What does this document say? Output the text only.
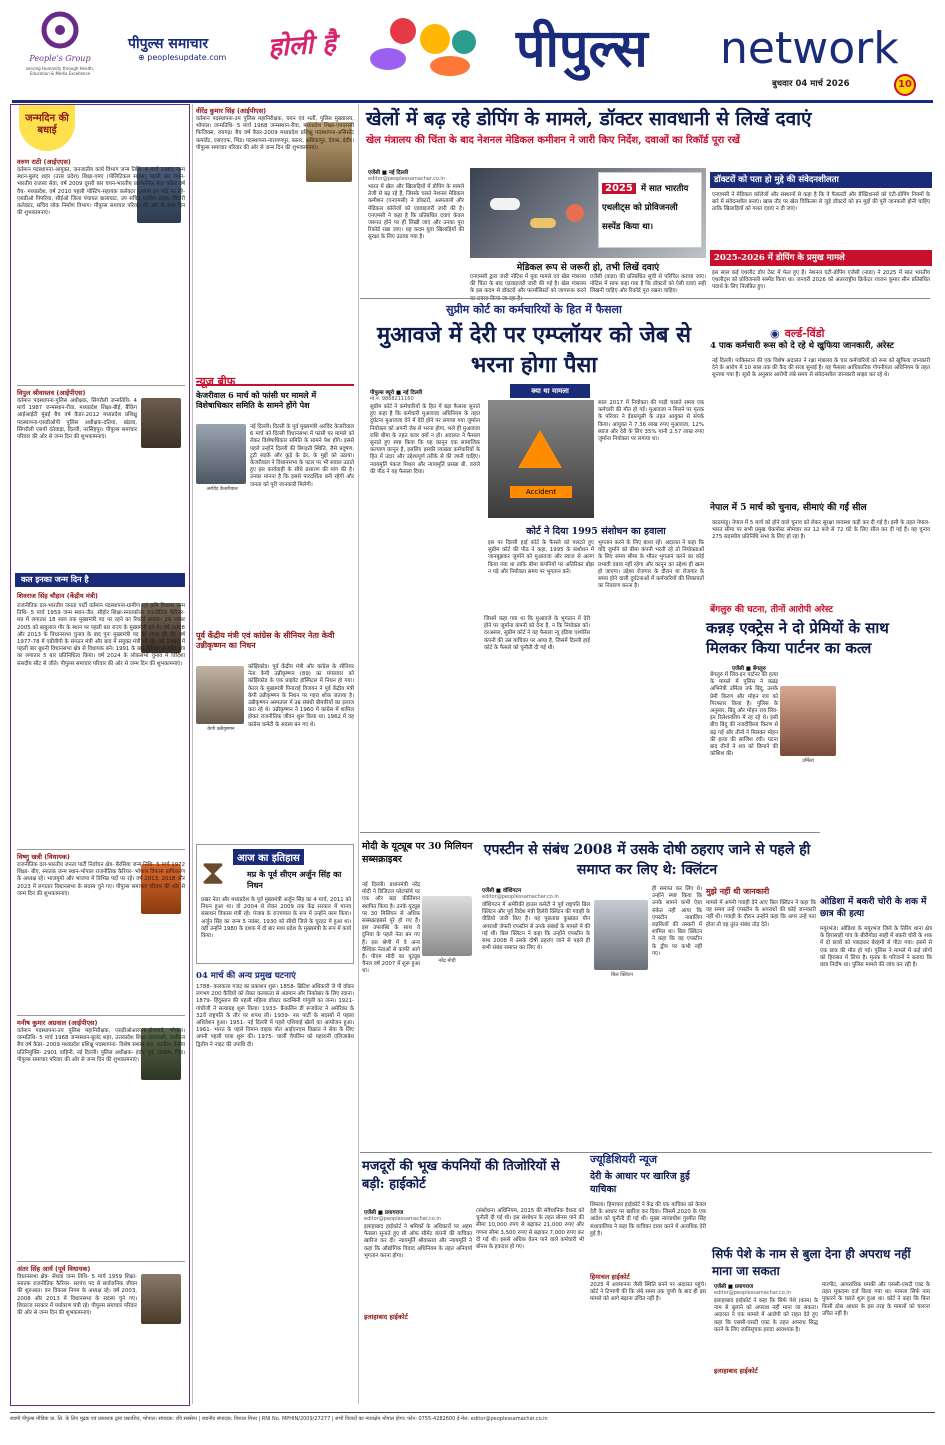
People's Group
serving Humanity through Health, Education & Media Excellence
पीपुल्स समाचार
⊕ peoplesupdate.com होली है	पीपुल्स network
बुधवार 04 मार्च 2026	10
जन्मदिन की बधाई
वरुण राठी (आईएएस)
वर्तमान पदस्थापना-आयुक्त, जनजातीय कार्य विभाग जन्म तिथि- 4 मार्च 1985 जन्म स्थान-बुलंद शहर (उत्तर प्रदेश) शिक्षा-एमए (पोलिटिकल साइंस) पहली बार चयन-भारतीय राजस्व सेवा, वर्ष 2009 दूसरी बार चयन-भारतीय प्रशासनिक सेवा कॉडर वर्ष वैच- मध्यप्रदेश, वर्ष 2010 पहली पोस्टिंग-सहायक कलेक्टर रतलाम इन पदों पर रहे- एसडीओ पिपरिया, सीईओ जिला पंचायत बालाघाट, उप सचिव ग्रामीण सड़क, डिंडोरी कलेक्टर, सचिव लोक निर्माण विभाग। पीपुल्स समाचार परिवार की ओर से जन्म दिन की शुभकामनाएं।
विपुल श्रीवास्तव (आईपीएस)
वर्तमान पदस्थापना-पुलिस अधीक्षक, सिंगरौली जन्मतिथि- 4 मार्च 1987 जन्मस्थान-रीवा, मध्यप्रदेश शिक्षा-बीई, बैंकिंग आईआईटी मुंबई बैच वर्ष कैडर-2012 मध्यप्रदेश प्रशिक्षु पदस्थापना-एसडीओपी पुलिस अधीक्षक-दतिया, खंडवा, सिंगरौली एसपी दंतेवाड़ा, दिल्ली, नरसिंहपुर। पीपुल्स समाचार परिवार की ओर से जन्म दिन की शुभकामनाएं।
कल इनका जन्म दिन है
शिवराज सिंह चौहान (केंद्रीय मंत्री)
राजनीतिक दल-भारतीय जनता पार्टी वर्तमान पदस्थापना-ग्रामीण एवं कृषि विकास जन्म तिथि- 5 मार्च 1959 जन्म स्थान-जैत, सीहोर शिक्षा-स्नातकोत्तर राजनीतिक कैरियर- मप्र में लगातार 18 साल तक मुख्यमंत्री पद पर रहने का रिकॉर्ड बनाया। 29 नवंबर 2005 को बाबूलाल गौर के स्थान पर पहली बार राज्य के मुख्यमंत्री बने थे। वर्ष 2008 और 2013 के विधानसभा चुनाव के बाद पुनः मुख्यमंत्री पद की शपथ ली थी। वर्ष 1977-78 में एबीवीपी के संगठन मंत्री और बाद में संयुक्त मंत्री भी रहे। वर्ष 1990 में पहली बार बुधनी विधानसभा क्षेत्र से विधायक बने। 1991 के बाद विदिशा संसदीय क्षेत्र का लगातार 5 बार प्रतिनिधित्व किया। वर्ष 2024 के लोकसभा चुनाव में विदिशा संसदीय सीट से जीते। पीपुल्स समाचार परिवार की ओर से जन्म दिन की शुभकामनाएं।
विष्णु खत्री (विधायक)
राजनीतिक दल-भारतीय जनता पार्टी निर्वाचन क्षेत्र- बैरसिया जन्म तिथि- 5 मार्च 1972 शिक्षा- बीए, स्नातक जन्म स्थान-भोपाल राजनीतिक कैरियर- भोपाल विकास प्राधिकरण के अध्यक्ष रहे। भाजयुमो और भाजपा में विभिन्न पदों पर रहे। वर्ष 2013, 2018 और 2023 में लगातार विधानसभा के सदस्य चुने गए। पीपुल्स समाचार परिवार की ओर से जन्म दिन की शुभकामनाएं।
मनीष कुमार अग्रवाल (आईपीएस)
वर्तमान पदस्थापना-उप पुलिस महानिरीक्षक, एसडीओआरएफ-होमगार्ड, भोपाल। जन्मतिथि- 5 मार्च 1968 जन्मस्थान-बुलंद शहर, उत्तरप्रदेश शिक्षा-एमएससी, एमफिल बैच वर्ष कैडर- 2009 मध्यप्रदेश प्रशिक्षु पदस्थापना- विशेष सशस्त्र बल, उज्जैन। केंद्रीय प्रतिनियुक्ति- 2901 वाहिनी, नई दिल्ली। पुलिस अधीक्षक- इंदौर पूर्व, रतलाम, भिंड। पीपुल्स समाचार परिवार की ओर से जन्म दिन की शुभकामनाएं।
अंतर सिंह आर्य (पूर्व विधायक)
विधानसभा क्षेत्र- सेंधवा जन्म तिथि- 5 मार्च 1959 शिक्षा-स्नातक राजनीतिक कैरियर- सरपंच पद से सार्वजनिक जीवन की शुरुआत। वन विकास निगम के अध्यक्ष रहे। वर्ष 2003, 2008 और 2013 में विधानसभा के सदस्य चुने गए। शिवराज सरकार में पर्यावरण मंत्री रहे। पीपुल्स समाचार परिवार की ओर से जन्म दिन की शुभकामनाएं।
वीरेंद्र कुमार सिंह (आईपीएस)
वर्तमान पदस्थापना-उप पुलिस महानिरीक्षक, चयन एवं भर्ती, पुलिस मुख्यालय, भोपाल। जन्मतिथि- 5 मार्च 1968 जन्मस्थान-रीवा, मध्यप्रदेश शिक्षा-एमएससी फिजिक्स, रायगढ़। बैच वर्ष कैडर-2009 मध्यप्रदेश प्रशिक्षु पदस्थापना-असिस्टेंट कमांडेंट, एसएएफ, भिंड। पदस्थापना-नारायणपुर, बस्तर, अंबिकापुर, देवास, इंदौर। पीपुल्स समाचार परिवार की ओर से जन्म दिन की शुभकामनाएं।
न्यूज ब्रीफ
केजरीवाल 6 मार्च को फांसी घर मामले में विशेषाधिकार समिति के सामने होंगे पेश
अरविंद केजरीवाल
नई दिल्ली। दिल्ली के पूर्व मुख्यमंत्री अरविंद केजरीवाल 6 मार्च को दिल्ली विधानसभा में फांसी घर मामले को लेकर विशेषाधिकार समिति के सामने पेश होंगे। इससे पहले उन्होंने दिल्ली की बिगड़ती स्थिति, जैसे प्रदूषण, टूटी सड़कें और कूड़े के ढेर, के मुद्दों को उठाया। केजरीवाल ने विधानसभा के पटल पर भी सवाल उठाते हुए इस कार्यवाही के सीधे प्रसारण की मांग की है। उनका मानना है कि इससे पारदर्शिता बनी रहेगी और जनता को पूरी जानकारी मिलेगी।
पूर्व केंद्रीय मंत्री एवं कांग्रेस के सीनियर नेता केवी उन्नीकृष्णन का निधन
केपी उन्नीकृष्णन
कोझिकोड। पूर्व केंद्रीय मंत्री और कांग्रेस के सीनियर नेता केपी उन्नीकृष्णन (89) का मंगलवार को कोझिकोड के एक प्राइवेट हॉस्पिटल में निधन हो गया। केरल के मुख्यमंत्री पिनाराई विजयन ने पूर्व केंद्रीय मंत्री केपी उन्नीकृष्णन के निधन पर गहरा शोक जताया है। उन्नीकृष्णन अस्पताल में उम्र संबंधी बीमारियों का इलाज करा रहे थे। उन्नीकृष्णन ने 1960 में कांग्रेस में शामिल होकर राजनीतिक जीवन शुरू किया था। 1962 में वह कांग्रेस कमेटी के सदस्य बन गए थे।
⧗	आज का इतिहास
मप्र के पूर्व सीएम अर्जुन सिंह का निधन
प्रखर नेता और मध्यप्रदेश के पूर्व मुख्यमंत्री अर्जुन सिंह का 4 मार्च, 2011 को निधन हुआ था। वो 2004 से लेकर 2009 तक केंद्र सरकार में मानव संसाधन विकास मंत्री रहे। पंजाब के राज्यपाल के रूप में उन्होंने काम किया। अर्जुन सिंह का जन्म 5 नवंबर, 1930 को सीधी जिले के चुरहट में हुआ था। वहीं उन्होंने 1980 के दशक में दो बार मध्य प्रदेश के मुख्यमंत्री के रूप में कार्य किया।
04 मार्च की अन्य प्रमुख घटनाएं
1788- कलकत्ता गजट का प्रकाशन शुरू। 1858- ब्रिटिश अधिकारी जे पी वॉकर लगभग 200 कैदियों को लेकर कलकत्ता से अंडमान और निकोबार के लिए रवाना। 1879- हिंदुस्तान की पहली महिला डॉक्टर कदम्बिनी गांगुली का जन्म। 1921- गांधीजी ने सत्याग्रह शुरू किया। 1933- फ्रैंकलिन डी रूजवेल्ट ने अमेरिका के 32वें राष्ट्रपति के तौर पर शपथ ली। 1939- नार पार्टी के सदस्यों में पहला अधिवेशन हुआ। 1951- नई दिल्ली में पहले एशियाई खेलों का आयोजन हुआ। 1961- भारत के पहले विमान वाहक पोत आईएनएस विक्रांत ने सेवा के लिए अपनी पहली यात्रा शुरू की। 1975- चार्ली चैपलिन को महारानी एलिजाबेथ द्वितीय ने नाइट की उपाधि दी।
खेलों में बढ़ रहे डोपिंग के मामले, डॉक्टर सावधानी से लिखें दवाएं
खेल मंत्रालय की चिंता के बाद नेशनल मेडिकल कमीशन ने जारी किए निर्देश, दवाओं का रिकॉर्ड पूरा रखें
एजेंसी ■ नई दिल्ली
editor@peoplessamachar.co.in
भारत में खेल और खिलाड़ियों में डोपिंग के मामले तेजी से बढ़ रहे हैं, जिसके चलते नेशनल मेडिकल कमीशन (एनएमसी) ने डॉक्टरों, अस्पतालों और मेडिकल कॉलेजों को एडवाइजरी जारी की है। एनएमसी ने कहा है कि प्रतिबंधित दवाएं केवल जरूरत होने पर ही लिखी जाएं और उनका पूरा रिकॉर्ड रखा जाए। यह कदम युवा खिलाड़ियों की सुरक्षा के लिए उठाया गया है।
2025 में सात भारतीय एथलीट्स को प्रोविजनली सस्पेंड किया था।
मेडिकल रूप से जरूरी हो, तभी लिखें दवाएं
एनएमसी द्वारा जारी नोटिस में युवा मामले एवं खेल मंत्रालय की चिंता के बाद एडवाइजरी जारी की गई है। खेल मंत्रालय के इस कदम से डॉक्टरों और फार्मासिस्टों को जागरूक करने
एजेंसी (वाडा) की प्रतिबंधित सूची से परिचित कराया जाए। नोटिस में साफ कहा गया है कि डॉक्टरों को ऐसी दवाएं सही लिखनी चाहिए और रिकॉर्ड पूरा रखना चाहिए।
डॉक्टरों को पता हो मुद्दे की संवेदनशीलता
एनएमसी ने मेडिकल कॉलेजों और संस्थानों से कहा है कि वे फैकल्टी और प्रैक्टिशनर्स को एंटी-डोपिंग नियमों के बारे में संवेदनशील बनाएं। खास तौर पर खेल चिकित्सा से जुड़े डॉक्टरों को इन मुद्दों की पूरी जानकारी होनी चाहिए ताकि खिलाड़ियों को गलत दवाएं न दी जाएं।
2025-2026 में डोपिंग के प्रमुख मामले
इस साल कई एथलीट डोप टेस्ट में फेल हुए हैं। नेशनल एंटी-डोपिंग एजेंसी (नाडा) ने 2025 में सात भारतीय एथलीट्स को प्रोविजनली सस्पेंड किया था। जनवरी 2026 को अंतरराष्ट्रीय क्रिकेटर रवजन कुमार सीन प्रतिबंधित पदार्थ के लिए निलंबित हुए।
◉ वर्ल्ड-विंडो
4 पाक कर्मचारी रूस को दे रहे थे खुफिया जानकारी, अरेस्ट
नई दिल्ली। पाकिस्तान की एक विशेष अदालत ने रक्षा मंत्रालय के चार कर्मचारियों को रूस को खुफिया जानकारी देने के आरोप में 10 साल तक की कैद की सजा सुनाई है। यह फैसला आधिकारिक गोपनीयता अधिनियम के तहत सुनाया गया है। सूत्रों के अनुसार आरोपी लंबे समय से संवेदनशील जानकारी साझा कर रहे थे।
नेपाल में 5 मार्च को चुनाव, सीमाएं की गईं सील
काठमांडू। नेपाल में 5 मार्च को होने वाले चुनाव को लेकर सुरक्षा व्यवस्था कड़ी कर दी गई है। इसी के तहत नेपाल-भारत सीमा पर सभी प्रमुख चेकपोस्ट सोमवार रात 12 बजे से 72 घंटे के लिए सील कर दी गई हैं। यह चुनाव 275 सदस्यीय प्रतिनिधि सभा के लिए हो रहा है।
बेंगलुरु की घटना, तीनों आरोपी अरेस्ट
कन्नड़ एक्ट्रेस ने दो प्रेमियों के साथ मिलकर किया पार्टनर का कत्ल
एजेंसी ■ बेंगलुरु
उर्मिला
बेंगलुरु में लिव-इन पार्टनर की हत्या के मामले में पुलिस ने कन्नड़ अभिनेत्री उर्मिला उर्फ बिंदु, उसके प्रेमी किरण और मोहन राय को गिरफ्तार किया है। पुलिस के अनुसार, बिंदु और मोहन राय लिव-इन रिलेशनशिप में रह रहे थे। इसी बीच बिंदु की नजदीकियां किरण से बढ़ गईं और तीनों ने मिलकर मोहन की हत्या की साजिश रची। घटना बाद तीनों ने शव को छिपाने की कोशिश की।
ओडिशा में बकरी चोरी के शक में छात्र की हत्या
मयूरभंज। ओडिशा के मयूरभंज जिले के तिरिंग थाना क्षेत्र के हिरासाही गांव के बीरीगोडा साही में बकरी चोरी के शक में दो छात्रों को पकड़कर बेरहमी से पीटा गया। इसमें से एक छात्र की मौत हो गई। पुलिस ने मामले में कई लोगों को हिरासत में लिया है। मृतक के परिजनों ने बताया कि छात्र निर्दोष था। पुलिस मामले की जांच कर रही है।
सुप्रीम कोर्ट का कर्मचारियों के हित में फैसला
मुआवजे में देरी पर एम्प्लॉयर को जेब से भरना होगा पैसा
पीपुल्स ब्यूरो ■ नई दिल्ली
मो.नं. 9868211160
सुप्रीम कोर्ट ने कर्मचारियों के हित में बड़ा फैसला सुनाते हुए कहा है कि कर्मचारी मुआवजा अधिनियम के तहत दुर्घटना मुआवजा देने में देरी होने पर लगाया गया जुर्माना नियोक्ता को अपनी जेब से भरना होगा, भले ही मुआवजा राशि बीमा के तहत कवर क्यों न हो। अदालत ने फैसला सुनाते हुए स्पष्ट किया कि यह कानून एक सामाजिक कल्याण कानून है, इसलिए इसकी व्याख्या कर्मचारियों के हित में उदार और उद्देश्यपूर्ण तरीके से की जानी चाहिए। न्यायमूर्ति पंकज मिथल और न्यायमूर्ति प्रसन्ना बी. वराले की पीठ ने यह फैसला दिया।
क्या था मामला
Accident
साल 2017 में नियोक्ता की गाड़ी चलाते समय एक कर्मचारी की मौत हो गई। मुआवजा न मिलने पर मृतक के परिवार ने ईडब्ल्यूसी के तहत आयुक्त से संपर्क किया। आयुक्त ने 7.36 लाख रुपए मुआवजा, 12% ब्याज और देरी के लिए 35% यानी 2.57 लाख रुपए जुर्माना नियोक्ता पर लगाया था।
कोर्ट ने दिया 1995 संशोधन का हवाला
इस पर दिल्ली हाई कोर्ट के फैसले को पलटते हुए सुप्रीम कोर्ट की पीठ ने कहा, 1995 के संशोधन में जानबूझकर जुर्माने को मुआवजा और ब्याज से अलग किया गया था ताकि बीमा कंपनियों पर अतिरिक्त बोझ न पड़े और नियोक्ता समय पर भुगतान करें।
भुगतान करने के लिए बाध्य रहें। अदालत ने कहा कि यदि जुर्माने को बीमा कंपनी भरती रहे तो नियोक्ताओं के लिए समय सीमा के भीतर भुगतान करने का कोई प्रभावी दबाव नहीं रहेगा और कानून का उद्देश्य ही खत्म हो जाएगा। उद्देश्य रोजगार के दौरान या रोजगार के समय होने वाली दुर्घटनाओं में कर्मचारियों की शिकायतों का निवारण करना है।
जिसमें कहा गया था कि मुआवजे के भुगतान में देरी होने पर जुर्माना कंपनी को देना है, न कि नियोक्ता को। दरअसल, सुप्रीम कोर्ट ने यह फैसला न्यू इंडिया एश्योरेंस कंपनी की उस याचिका पर आया है, जिसमें दिल्ली हाई कोर्ट के फैसले को चुनौती दी गई थी।
मोदी के यूट्यूब पर 30 मिलियन सब्सक्राइबर
नरेंद्र मोदी
नई दिल्ली। प्रधानमंत्री नरेंद्र मोदी ने डिजिटल प्लेटफॉर्म पर एक और बड़ा कीर्तिमान स्थापित किया है। उनके यूट्यूब पर 30 मिलियन से अधिक सब्सक्राइबर्स पूरे हो गए हैं। इस उपलब्धि के साथ वे दुनिया के पहले नेता बन गए हैं। इस श्रेणी में वे अन्य वैश्विक नेताओं से काफी आगे हैं। पीएम मोदी का यूट्यूब चैनल वर्ष 2007 में शुरू हुआ था।
एपस्टीन से संबंध 2008 में उसके दोषी ठहराए जाने से पहले ही समाप्त कर लिए थे: क्लिंटन
एजेंसी ■ वॉशिंगटन
editor@peoplessamachar.co.in
वॉशिंगटन में अमेरिकी हाउस कमेटी ने पूर्व राष्ट्रपति बिल क्लिंटन और पूर्व विदेश मंत्री हिलेरी क्लिंटन की गवाही के वीडियो जारी किए हैं। यह पूछताछ कुख्यात यौन अपराधी जेफरी एपस्टीन से उनके संबंधों के मामले में की गई थी। बिल क्लिंटन ने कहा कि उन्होंने एपस्टीन के साथ 2008 में उसके दोषी ठहराए जाने से पहले ही सभी संबंध समाप्त कर लिए थे।
बिल क्लिंटन
ही समाप्त कर लिए थे। उन्होंने स्पष्ट किया कि उनके सामने कभी ऐसा संकेत नहीं आया कि एपस्टीन नाबालिग लड़कियों की तस्करी में शामिल था। बिल क्लिंटन ने कहा कि वह एपस्टीन के द्वीप पर कभी नहीं गए।
मुझे नहीं थी जानकारी
मामले में अपनी गवाही देने आए बिल क्लिंटन ने कहा कि वह समय उन्हें एपस्टीन के अपराधों की कोई जानकारी नहीं थी। गवाही के दौरान उन्होंने कहा कि अगर उन्हें पता होता तो वह तुरंत संबंध तोड़ देते।
ज्यूडिशियरी न्यूज
देरी के आधार पर खारिज हुई याचिका
शिमला। हिमाचल हाईकोर्ट ने केंद्र की एक याचिका को केवल देरी के आधार पर खारिज कर दिया। जिसमें 2020 के एक आदेश को चुनौती दी गई थी। मुख्य न्यायाधीश गुरमीत सिंह संधावालिया ने कहा कि याचिका दायर करने में अत्यधिक देरी हुई है।
हिमाचल हाईकोर्ट
2025 में अवमानना जैसी स्थिति बनने पर अदालत पहुंचे। कोर्ट ने टिप्पणी की कि लंबे समय तक चुप्पी के बाद ही इस मामले को आगे बढ़ाना उचित नहीं है।
मजदूरों की भूख कंपनियों की तिजोरियों से बड़ी: हाईकोर्ट
एजेंसी ■ प्रयागराज
editor@peoplessamachar.co.in
इलाहाबाद हाईकोर्ट ने श्रमिकों के अधिकारों पर अहम फैसला सुनाते हुए सी ऑफ सीमेंट कंपनी की याचिका खारिज कर दी। न्यायमूर्ति श्रीवास्तव और न्यायमूर्ति ने कहा कि औद्योगिक विवाद अधिनियम के तहत अनिवार्य भुगतान करना होगा।
इलाहाबाद हाईकोर्ट
(संशोधन) अधिनियम, 2015 की संवैधानिक वैधता को चुनौती दी गई थी। इस संशोधन के तहत बोनस पाने की सीमा 10,000 रुपए से बढ़ाकर 21,000 रुपए और गणना सीमा 3,500 रुपए से बढ़ाकर 7,000 रुपए कर दी गई थी। इससे अधिक वेतन पाने वाले कर्मचारी भी बोनस के हकदार हो गए।	सिर्फ पेशे के नाम से बुला देना ही अपराध नहीं माना जा सकता
एजेंसी ■ प्रयागराज
editor@peoplessamachar.co.in
इलाहाबाद हाईकोर्ट ने कहा कि सिर्फ पेशे (काम) के नाम से बुलाने को अपराध नहीं माना जा सकता। अदालत ने एक मामले में आरोपी को राहत देते हुए कहा कि एससी-एसटी एक्ट के तहत अपराध सिद्ध करने के लिए जातिसूचक इरादा आवश्यक है।
इलाहाबाद हाईकोर्ट
मारपीट, आपराधिक धमकी और एससी-एसटी एक्ट के तहत मुकदमा दर्ज किया गया था। मामला सिर्फ नाम पुकारने के चलते शुरू हुआ था। कोर्ट ने कहा कि बिना किसी ठोस आधार के इस तरह के मामलों को चलाना उचित नहीं है।
स्वामी पीपुल्स मीडिया प्रा. लि. के लिए मुद्रक एवं प्रकाशक द्वारा प्रकाशित, भोपाल। संपादक: रवि सक्सेना | स्थानीय संपादक: विशाल मिश्रा | RNI No. MPHIN/2009/27277 | सभी विवादों का न्यायक्षेत्र भोपाल होगा। फोन: 0755-4282600 ई-मेल: editor@peoplessamachar.co.in
